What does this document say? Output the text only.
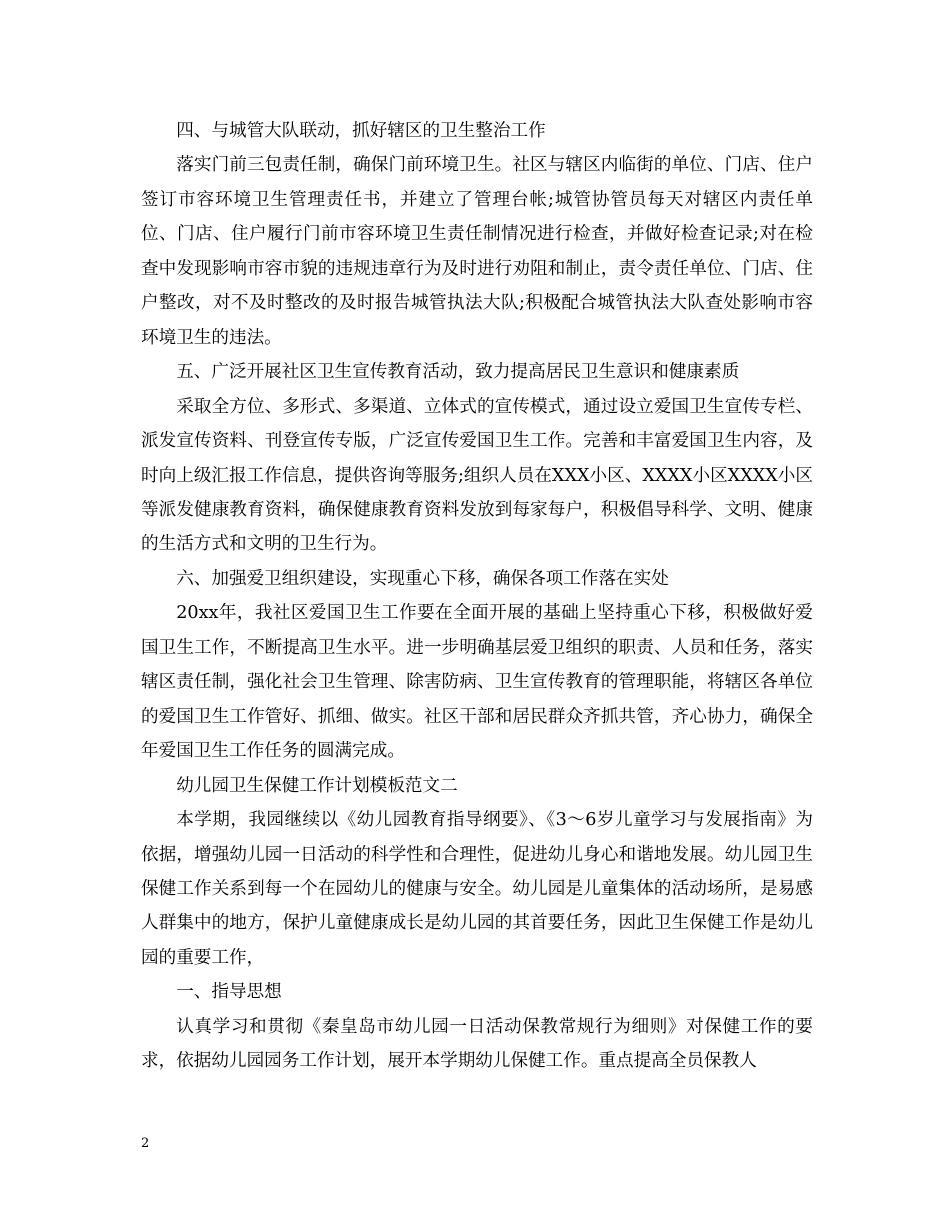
四、与城管大队联动，抓好辖区的卫生整治工作

落实门前三包责任制，确保门前环境卫生。社区与辖区内临街的单位、门店、住户签订市容环境卫生管理责任书，并建立了管理台帐;城管协管员每天对辖区内责任单位、门店、住户履行门前市容环境卫生责任制情况进行检查，并做好检查记录;对在检查中发现影响市容市貌的违规违章行为及时进行劝阻和制止，责令责任单位、门店、住户整改，对不及时整改的及时报告城管执法大队;积极配合城管执法大队查处影响市容环境卫生的违法。

五、广泛开展社区卫生宣传教育活动，致力提高居民卫生意识和健康素质

采取全方位、多形式、多渠道、立体式的宣传模式，通过设立爱国卫生宣传专栏、派发宣传资料、刊登宣传专版，广泛宣传爱国卫生工作。完善和丰富爱国卫生内容，及时向上级汇报工作信息，提供咨询等服务;组织人员在XXX小区、XXXX小区XXXX小区等派发健康教育资料，确保健康教育资料发放到每家每户，积极倡导科学、文明、健康的生活方式和文明的卫生行为。

六、加强爱卫组织建设，实现重心下移，确保各项工作落在实处

20xx年，我社区爱国卫生工作要在全面开展的基础上坚持重心下移，积极做好爱国卫生工作，不断提高卫生水平。进一步明确基层爱卫组织的职责、人员和任务，落实辖区责任制，强化社会卫生管理、除害防病、卫生宣传教育的管理职能，将辖区各单位的爱国卫生工作管好、抓细、做实。社区干部和居民群众齐抓共管，齐心协力，确保全年爱国卫生工作任务的圆满完成。

幼儿园卫生保健工作计划模板范文二

本学期，我园继续以《幼儿园教育指导纲要》、《3～6岁儿童学习与发展指南》为依据，增强幼儿园一日活动的科学性和合理性，促进幼儿身心和谐地发展。幼儿园卫生保健工作关系到每一个在园幼儿的健康与安全。幼儿园是儿童集体的活动场所，是易感人群集中的地方，保护儿童健康成长是幼儿园的其首要任务，因此卫生保健工作是幼儿园的重要工作，

一、指导思想

认真学习和贯彻《秦皇岛市幼儿园一日活动保教常规行为细则》对保健工作的要求，依据幼儿园园务工作计划，展开本学期幼儿保健工作。重点提高全员保教人

2
